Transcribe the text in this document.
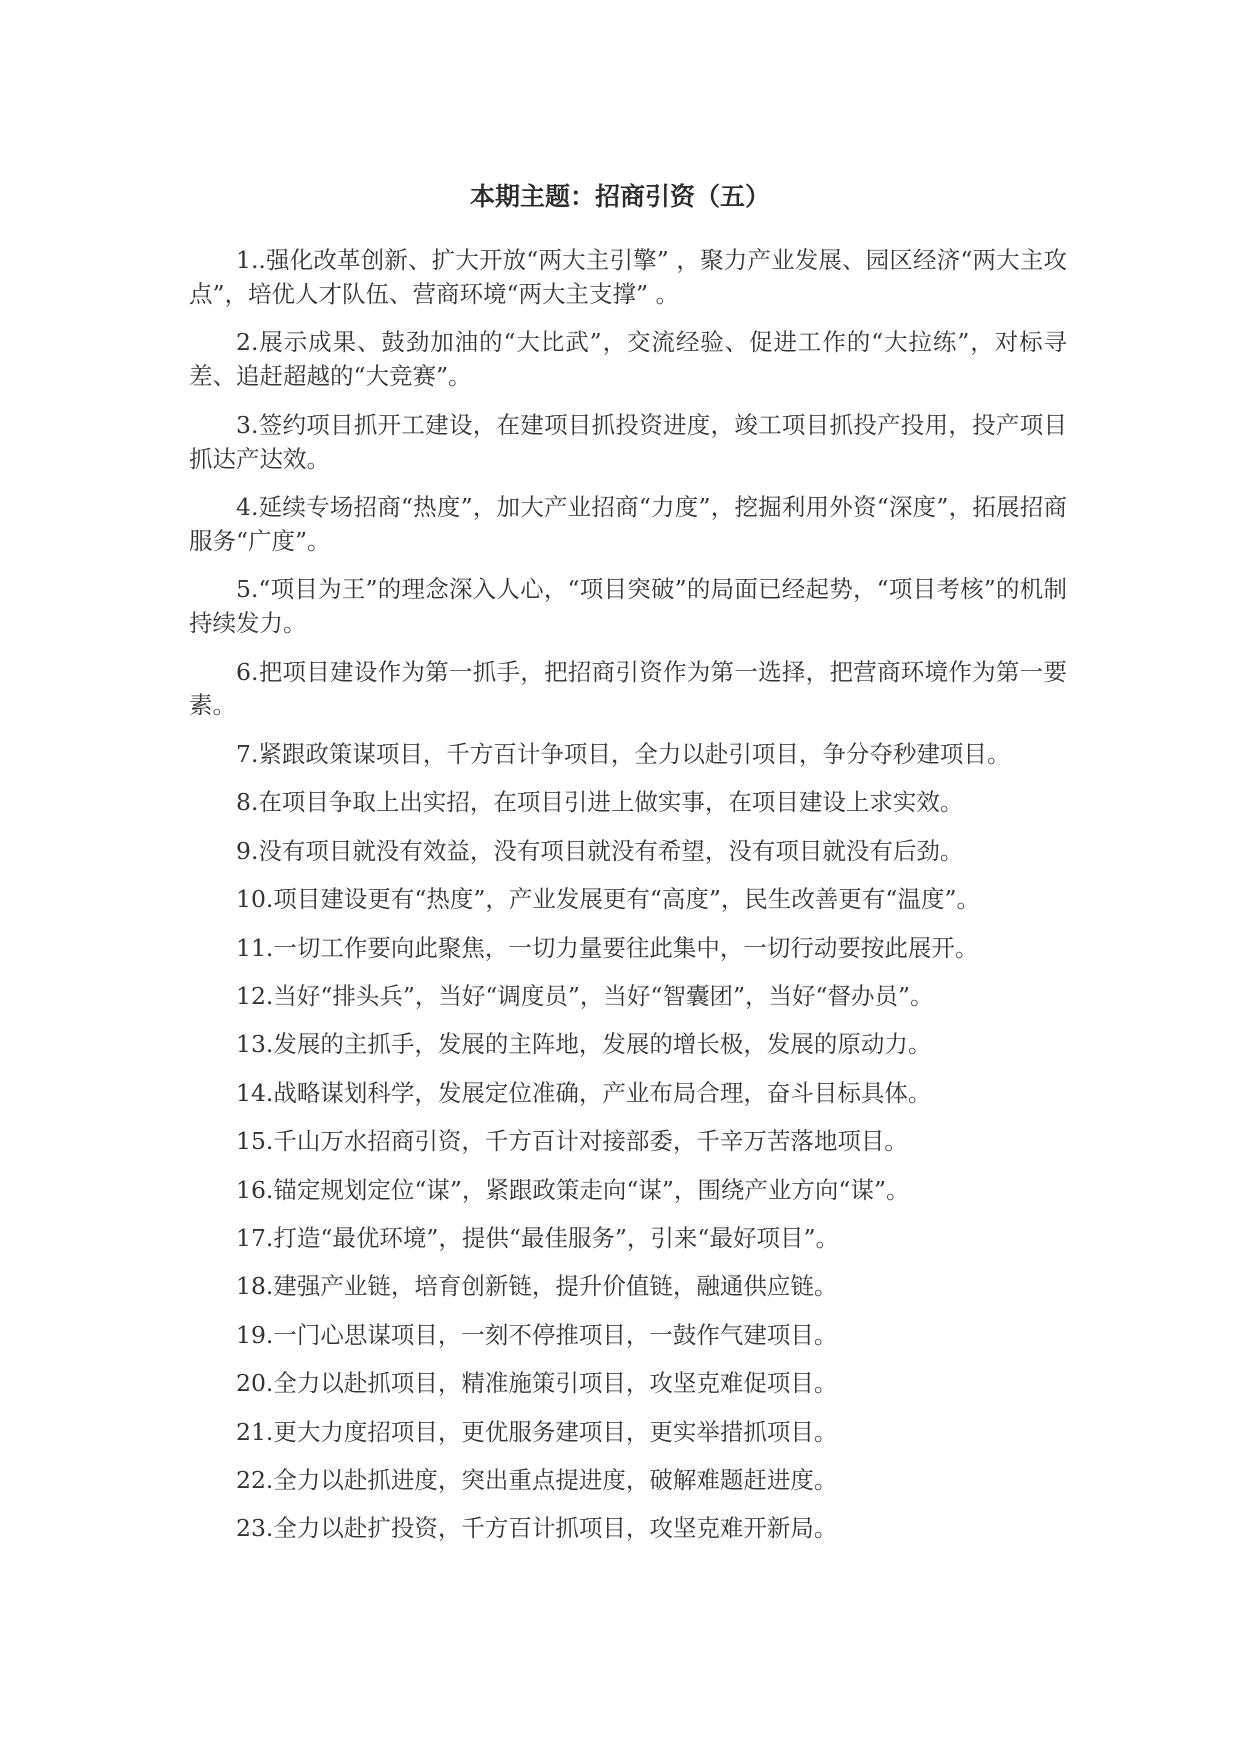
本期主题：招商引资（五）

1..强化改革创新、扩大开放“两大主引擎” ，聚力产业发展、园区经济“两大主攻点”，培优人才队伍、营商环境“两大主支撑” 。

2.展示成果、鼓劲加油的“大比武”，交流经验、促进工作的“大拉练”，对标寻差、追赶超越的“大竞赛”。

3.签约项目抓开工建设，在建项目抓投资进度，竣工项目抓投产投用，投产项目抓达产达效。

4.延续专场招商“热度”，加大产业招商“力度”，挖掘利用外资“深度”，拓展招商服务“广度”。

5.“项目为王”的理念深入人心，“项目突破”的局面已经起势，“项目考核”的机制持续发力。

6.把项目建设作为第一抓手，把招商引资作为第一选择，把营商环境作为第一要素。

7.紧跟政策谋项目，千方百计争项目，全力以赴引项目，争分夺秒建项目。

8.在项目争取上出实招，在项目引进上做实事，在项目建设上求实效。

9.没有项目就没有效益，没有项目就没有希望，没有项目就没有后劲。

10.项目建设更有“热度”，产业发展更有“高度”，民生改善更有“温度”。

11.一切工作要向此聚焦，一切力量要往此集中，一切行动要按此展开。

12.当好“排头兵”，当好“调度员”，当好“智囊团”，当好“督办员”。

13.发展的主抓手，发展的主阵地，发展的增长极，发展的原动力。

14.战略谋划科学，发展定位准确，产业布局合理，奋斗目标具体。

15.千山万水招商引资，千方百计对接部委，千辛万苦落地项目。

16.锚定规划定位“谋”，紧跟政策走向“谋”，围绕产业方向“谋”。

17.打造“最优环境”，提供“最佳服务”，引来“最好项目”。

18.建强产业链，培育创新链，提升价值链，融通供应链。

19.一门心思谋项目，一刻不停推项目，一鼓作气建项目。

20.全力以赴抓项目，精准施策引项目，攻坚克难促项目。

21.更大力度招项目，更优服务建项目，更实举措抓项目。

22.全力以赴抓进度，突出重点提进度，破解难题赶进度。

23.全力以赴扩投资，千方百计抓项目，攻坚克难开新局。
